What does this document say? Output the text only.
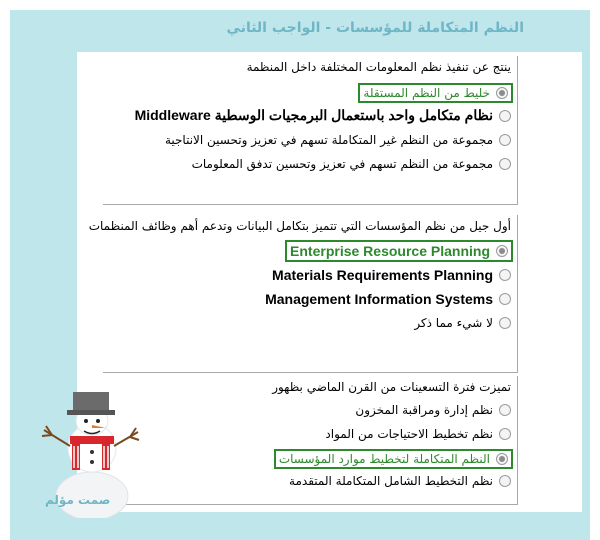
النظم المتكاملة للمؤسسات - الواجب الثاني
ينتج عن تنفيذ نظم المعلومات المختلفة داخل المنظمة
خليط من النظم المستقلة
نظام متكامل واحد باستعمال البرمجيات الوسطية Middleware
مجموعة من النظم غير المتكاملة تسهم في تعزيز وتحسين الانتاجية
مجموعة من النظم تسهم في تعزيز وتحسين تدفق المعلومات
أول جيل من نظم المؤسسات التي تتميز بتكامل البيانات وتدعم أهم وظائف المنظمات
Enterprise Resource Planning
Materials Requirements Planning
Management Information Systems
لا شيء مما ذكر
تميزت فترة التسعينات من القرن الماضي بظهور
نظم إدارة ومراقبة المخزون
نظم تخطيط الاحتياجات من المواد
النظم المتكاملة لتخطيط موارد المؤسسات
نظم التخطيط الشامل المتكاملة المتقدمة
صمت مؤلم
